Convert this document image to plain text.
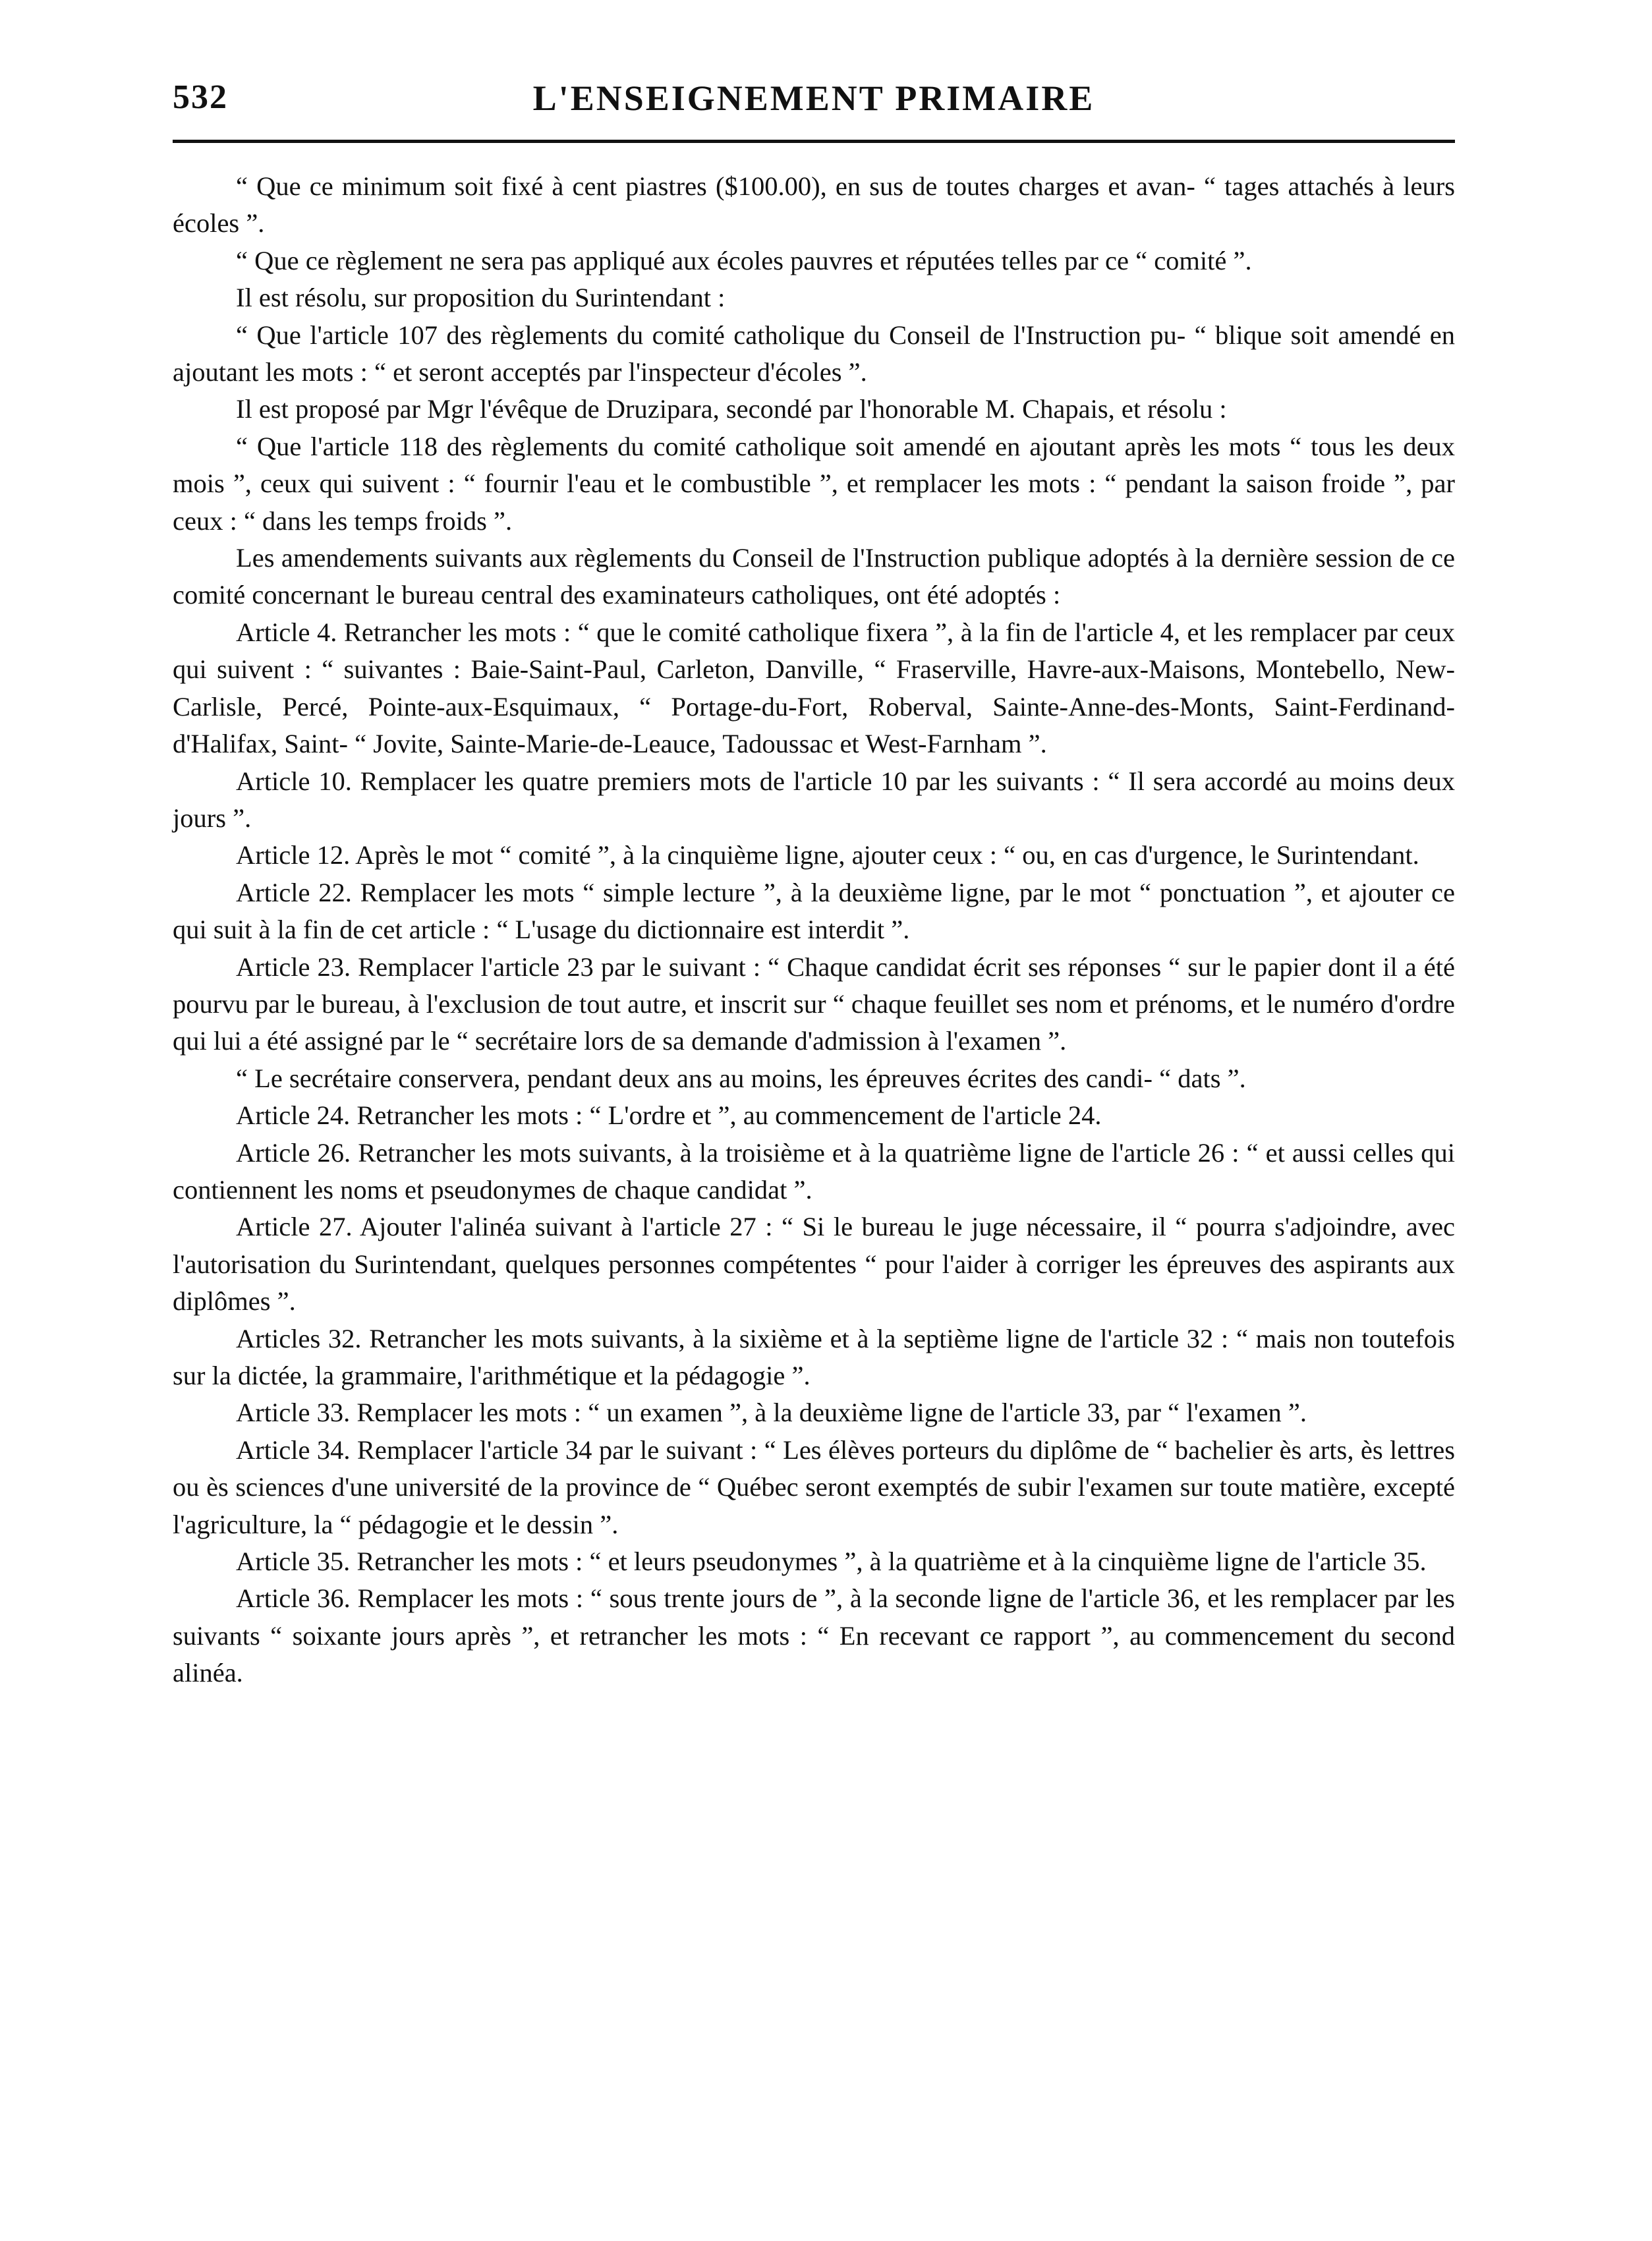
532	L'ENSEIGNEMENT PRIMAIRE

“ Que ce minimum soit fixé à cent piastres ($100.00), en sus de toutes charges et avan- “ tages attachés à leurs écoles ”.

“ Que ce règlement ne sera pas appliqué aux écoles pauvres et réputées telles par ce “ comité ”.

Il est résolu, sur proposition du Surintendant :

“ Que l'article 107 des règlements du comité catholique du Conseil de l'Instruction pu- “ blique soit amendé en ajoutant les mots : “ et seront acceptés par l'inspecteur d'écoles ”.

Il est proposé par Mgr l'évêque de Druzipara, secondé par l'honorable M. Chapais, et résolu :

“ Que l'article 118 des règlements du comité catholique soit amendé en ajoutant après les mots “ tous les deux mois ”, ceux qui suivent : “ fournir l'eau et le combustible ”, et remplacer les mots : “ pendant la saison froide ”, par ceux : “ dans les temps froids ”.

Les amendements suivants aux règlements du Conseil de l'Instruction publique adoptés à la dernière session de ce comité concernant le bureau central des examinateurs catholiques, ont été adoptés :

Article 4. Retrancher les mots : “ que le comité catholique fixera ”, à la fin de l'article 4, et les remplacer par ceux qui suivent : “ suivantes : Baie-Saint-Paul, Carleton, Danville, “ Fraserville, Havre-aux-Maisons, Montebello, New-Carlisle, Percé, Pointe-aux-Esquimaux, “ Portage-du-Fort, Roberval, Sainte-Anne-des-Monts, Saint-Ferdinand-d'Halifax, Saint- “ Jovite, Sainte-Marie-de-Leauce, Tadoussac et West-Farnham ”.

Article 10. Remplacer les quatre premiers mots de l'article 10 par les suivants : “ Il sera accordé au moins deux jours ”.

Article 12. Après le mot “ comité ”, à la cinquième ligne, ajouter ceux : “ ou, en cas d'urgence, le Surintendant.

Article 22. Remplacer les mots “ simple lecture ”, à la deuxième ligne, par le mot “ ponctuation ”, et ajouter ce qui suit à la fin de cet article : “ L'usage du dictionnaire est interdit ”.

Article 23. Remplacer l'article 23 par le suivant : “ Chaque candidat écrit ses réponses “ sur le papier dont il a été pourvu par le bureau, à l'exclusion de tout autre, et inscrit sur “ chaque feuillet ses nom et prénoms, et le numéro d'ordre qui lui a été assigné par le “ secrétaire lors de sa demande d'admission à l'examen ”.

“ Le secrétaire conservera, pendant deux ans au moins, les épreuves écrites des candi- “ dats ”.

Article 24. Retrancher les mots : “ L'ordre et ”, au commencement de l'article 24.

Article 26. Retrancher les mots suivants, à la troisième et à la quatrième ligne de l'article 26 : “ et aussi celles qui contiennent les noms et pseudonymes de chaque candidat ”.

Article 27. Ajouter l'alinéa suivant à l'article 27 : “ Si le bureau le juge nécessaire, il “ pourra s'adjoindre, avec l'autorisation du Surintendant, quelques personnes compétentes “ pour l'aider à corriger les épreuves des aspirants aux diplômes ”.

Articles 32. Retrancher les mots suivants, à la sixième et à la septième ligne de l'article 32 : “ mais non toutefois sur la dictée, la grammaire, l'arithmétique et la pédagogie ”.

Article 33. Remplacer les mots : “ un examen ”, à la deuxième ligne de l'article 33, par “ l'examen ”.

Article 34. Remplacer l'article 34 par le suivant : “ Les élèves porteurs du diplôme de “ bachelier ès arts, ès lettres ou ès sciences d'une université de la province de “ Québec seront exemptés de subir l'examen sur toute matière, excepté l'agriculture, la “ pédagogie et le dessin ”.

Article 35. Retrancher les mots : “ et leurs pseudonymes ”, à la quatrième et à la cinquième ligne de l'article 35.

Article 36. Remplacer les mots : “ sous trente jours de ”, à la seconde ligne de l'article 36, et les remplacer par les suivants “ soixante jours après ”, et retrancher les mots : “ En recevant ce rapport ”, au commencement du second alinéa.
